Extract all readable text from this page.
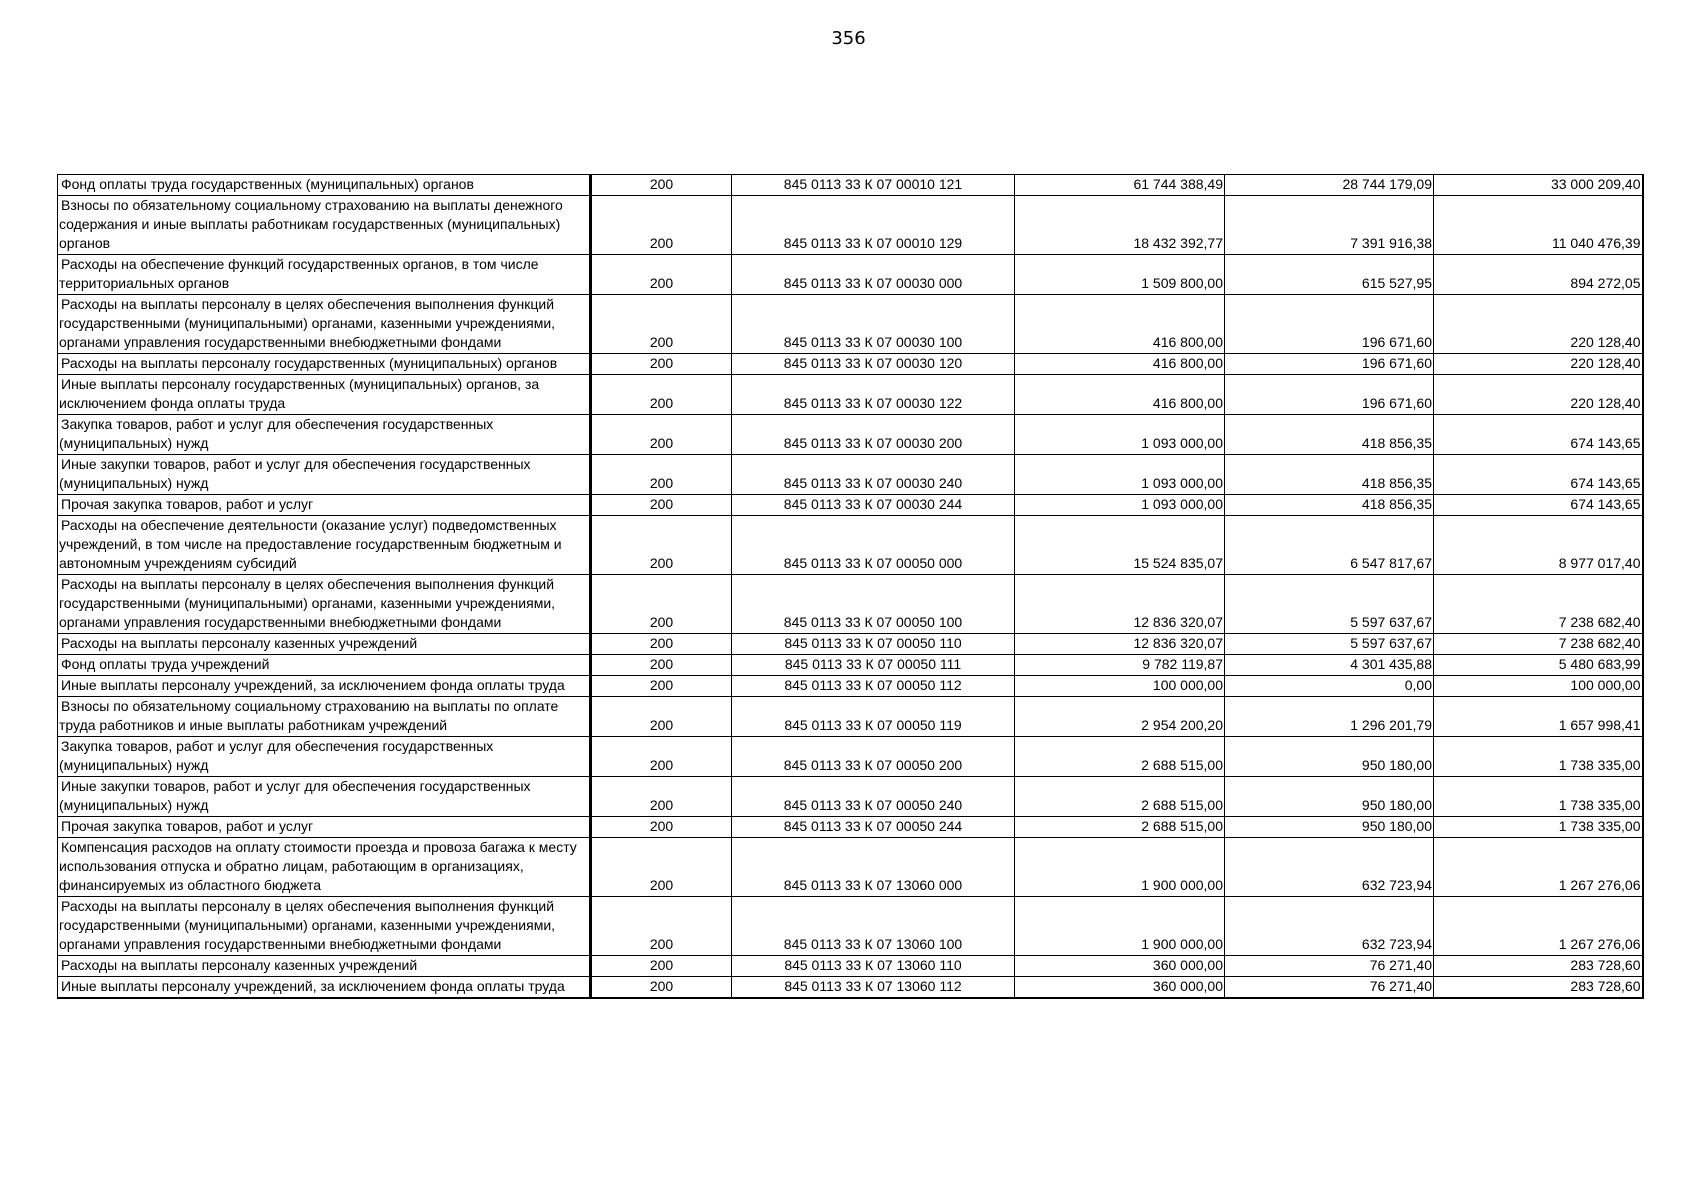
356
Фонд оплаты труда государственных (муниципальных) органов	200	845 0113 33 К 07 00010 121	61 744 388,49	28 744 179,09	33 000 209,40
Взносы по обязательному социальному страхованию на выплаты денежного содержания и иные выплаты работникам государственных (муниципальных) органов	200	845 0113 33 К 07 00010 129	18 432 392,77	7 391 916,38	11 040 476,39
Расходы на обеспечение функций государственных органов, в том числе территориальных органов	200	845 0113 33 К 07 00030 000	1 509 800,00	615 527,95	894 272,05
Расходы на выплаты персоналу в целях обеспечения выполнения функций государственными (муниципальными) органами, казенными учреждениями, органами управления государственными внебюджетными фондами	200	845 0113 33 К 07 00030 100	416 800,00	196 671,60	220 128,40
Расходы на выплаты персоналу государственных (муниципальных) органов	200	845 0113 33 К 07 00030 120	416 800,00	196 671,60	220 128,40
Иные выплаты персоналу государственных (муниципальных) органов, за исключением фонда оплаты труда	200	845 0113 33 К 07 00030 122	416 800,00	196 671,60	220 128,40
Закупка товаров, работ и услуг для обеспечения государственных (муниципальных) нужд	200	845 0113 33 К 07 00030 200	1 093 000,00	418 856,35	674 143,65
Иные закупки товаров, работ и услуг для обеспечения государственных (муниципальных) нужд	200	845 0113 33 К 07 00030 240	1 093 000,00	418 856,35	674 143,65
Прочая закупка товаров, работ и услуг	200	845 0113 33 К 07 00030 244	1 093 000,00	418 856,35	674 143,65
Расходы на обеспечение деятельности (оказание услуг) подведомственных учреждений, в том числе на предоставление государственным бюджетным и автономным учреждениям субсидий	200	845 0113 33 К 07 00050 000	15 524 835,07	6 547 817,67	8 977 017,40
Расходы на выплаты персоналу в целях обеспечения выполнения функций государственными (муниципальными) органами, казенными учреждениями, органами управления государственными внебюджетными фондами	200	845 0113 33 К 07 00050 100	12 836 320,07	5 597 637,67	7 238 682,40
Расходы на выплаты персоналу казенных учреждений	200	845 0113 33 К 07 00050 110	12 836 320,07	5 597 637,67	7 238 682,40
Фонд оплаты труда учреждений	200	845 0113 33 К 07 00050 111	9 782 119,87	4 301 435,88	5 480 683,99
Иные выплаты персоналу учреждений, за исключением фонда оплаты труда	200	845 0113 33 К 07 00050 112	100 000,00	0,00	100 000,00
Взносы по обязательному социальному страхованию на выплаты по оплате труда работников и иные выплаты работникам учреждений	200	845 0113 33 К 07 00050 119	2 954 200,20	1 296 201,79	1 657 998,41
Закупка товаров, работ и услуг для обеспечения государственных (муниципальных) нужд	200	845 0113 33 К 07 00050 200	2 688 515,00	950 180,00	1 738 335,00
Иные закупки товаров, работ и услуг для обеспечения государственных (муниципальных) нужд	200	845 0113 33 К 07 00050 240	2 688 515,00	950 180,00	1 738 335,00
Прочая закупка товаров, работ и услуг	200	845 0113 33 К 07 00050 244	2 688 515,00	950 180,00	1 738 335,00
Компенсация расходов на оплату стоимости проезда и провоза багажа к месту использования отпуска и обратно лицам, работающим в организациях, финансируемых из областного бюджета	200	845 0113 33 К 07 13060 000	1 900 000,00	632 723,94	1 267 276,06
Расходы на выплаты персоналу в целях обеспечения выполнения функций государственными (муниципальными) органами, казенными учреждениями, органами управления государственными внебюджетными фондами	200	845 0113 33 К 07 13060 100	1 900 000,00	632 723,94	1 267 276,06
Расходы на выплаты персоналу казенных учреждений	200	845 0113 33 К 07 13060 110	360 000,00	76 271,40	283 728,60
Иные выплаты персоналу учреждений, за исключением фонда оплаты труда	200	845 0113 33 К 07 13060 112	360 000,00	76 271,40	283 728,60
